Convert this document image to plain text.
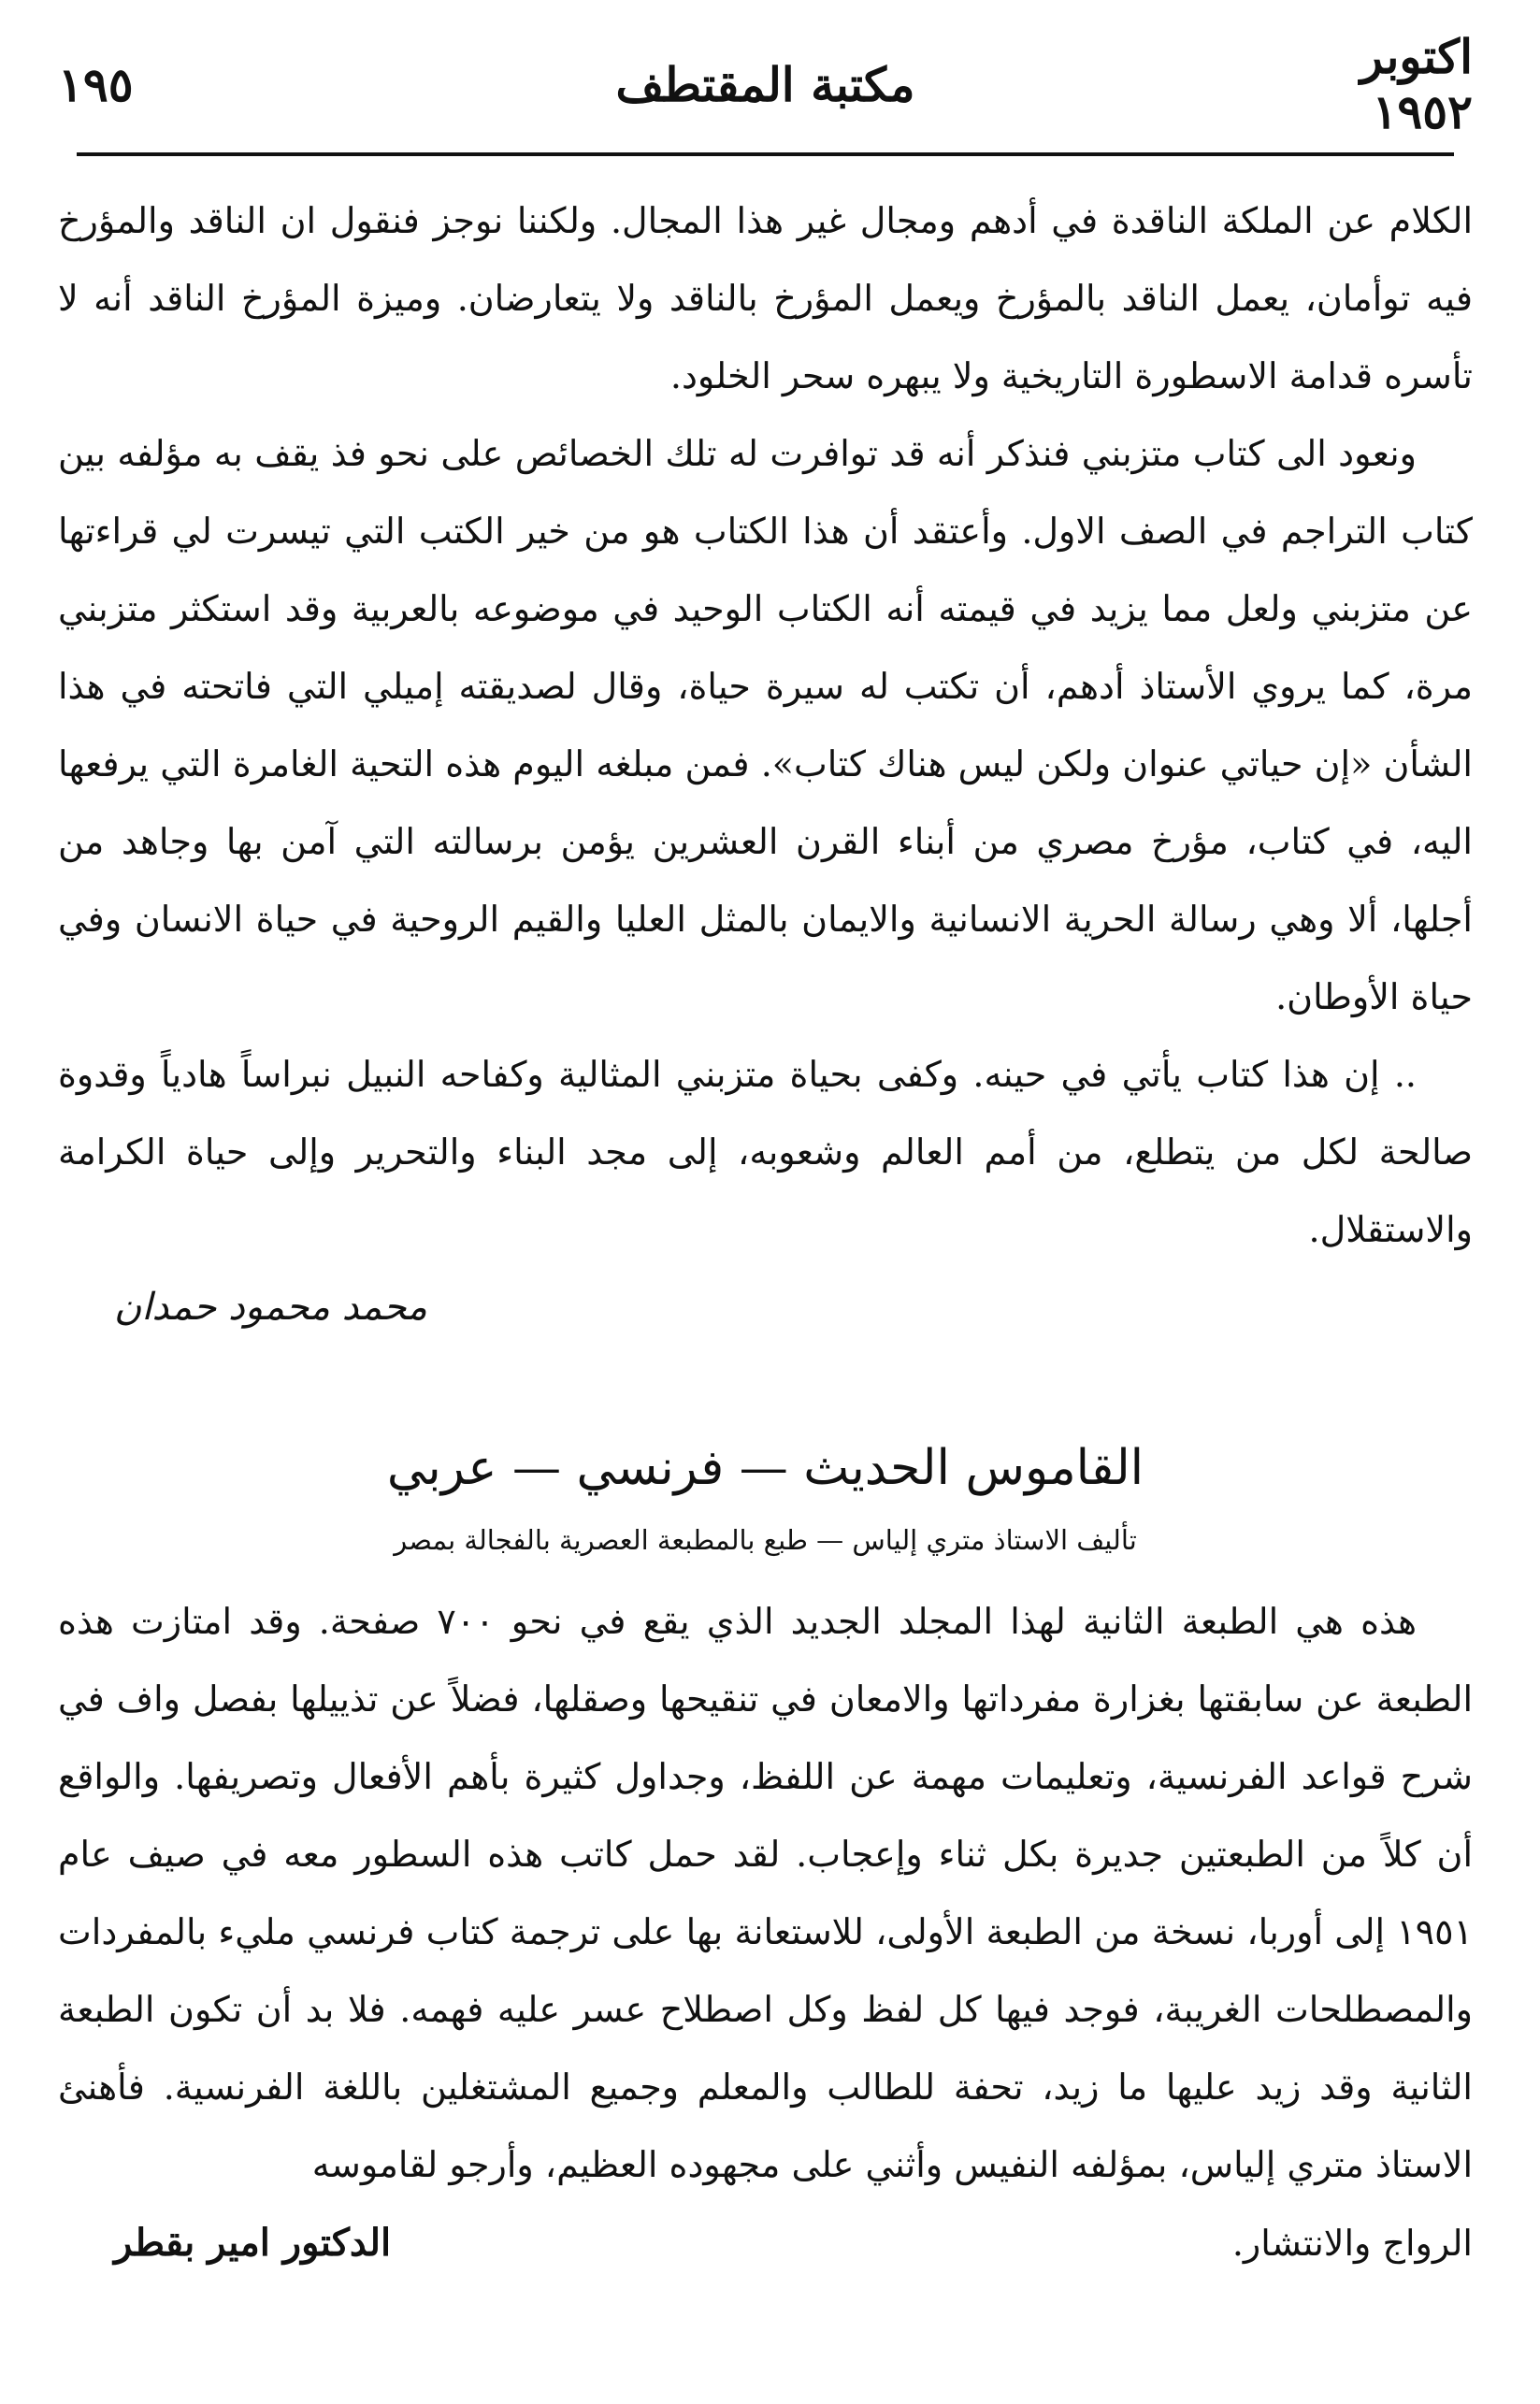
اكتوبر ١٩٥٢
مكتبة المقتطف
١٩٥

الكلام عن الملكة الناقدة في أدهم ومجال غير هذا المجال. ولكننا نوجز فنقول ان الناقد والمؤرخ فيه توأمان، يعمل الناقد بالمؤرخ ويعمل المؤرخ بالناقد ولا يتعارضان. وميزة المؤرخ الناقد أنه لا تأسره قدامة الاسطورة التاريخية ولا يبهره سحر الخلود.

ونعود الى كتاب متزبني فنذكر أنه قد توافرت له تلك الخصائص على نحو فذ يقف به مؤلفه بين كتاب التراجم في الصف الاول. وأعتقد أن هذا الكتاب هو من خير الكتب التي تيسرت لي قراءتها عن متزبني ولعل مما يزيد في قيمته أنه الكتاب الوحيد في موضوعه بالعربية وقد استكثر متزبني مرة، كما يروي الأستاذ أدهم، أن تكتب له سيرة حياة، وقال لصديقته إميلي التي فاتحته في هذا الشأن «إن حياتي عنوان ولكن ليس هناك كتاب». فمن مبلغه اليوم هذه التحية الغامرة التي يرفعها اليه، في كتاب، مؤرخ مصري من أبناء القرن العشرين يؤمن برسالته التي آمن بها وجاهد من أجلها، ألا وهي رسالة الحرية الانسانية والايمان بالمثل العليا والقيم الروحية في حياة الانسان وفي حياة الأوطان.

.. إن هذا كتاب يأتي في حينه. وكفى بحياة متزبني المثالية وكفاحه النبيل نبراساً هادياً وقدوة صالحة لكل من يتطلع، من أمم العالم وشعوبه، إلى مجد البناء والتحرير وإلى حياة الكرامة والاستقلال.

محمد محمود حمدان
القاموس الحديث — فرنسي — عربي
تأليف الاستاذ متري إلياس — طبع بالمطبعة العصرية بالفجالة بمصر

هذه هي الطبعة الثانية لهذا المجلد الجديد الذي يقع في نحو ٧٠٠ صفحة. وقد امتازت هذه الطبعة عن سابقتها بغزارة مفرداتها والامعان في تنقيحها وصقلها، فضلاً عن تذييلها بفصل واف في شرح قواعد الفرنسية، وتعليمات مهمة عن اللفظ، وجداول كثيرة بأهم الأفعال وتصريفها. والواقع أن كلاً من الطبعتين جديرة بكل ثناء وإعجاب. لقد حمل كاتب هذه السطور معه في صيف عام ١٩٥١ إلى أوربا، نسخة من الطبعة الأولى، للاستعانة بها على ترجمة كتاب فرنسي مليء بالمفردات والمصطلحات الغريبة، فوجد فيها كل لفظ وكل اصطلاح عسر عليه فهمه. فلا بد أن تكون الطبعة الثانية وقد زيد عليها ما زيد، تحفة للطالب والمعلم وجميع المشتغلين باللغة الفرنسية. فأهنئ الاستاذ متري إلياس، بمؤلفه النفيس وأثني على مجهوده العظيم، وأرجو لقاموسه

الرواج والانتشار.
الدكتور امير بقطر
